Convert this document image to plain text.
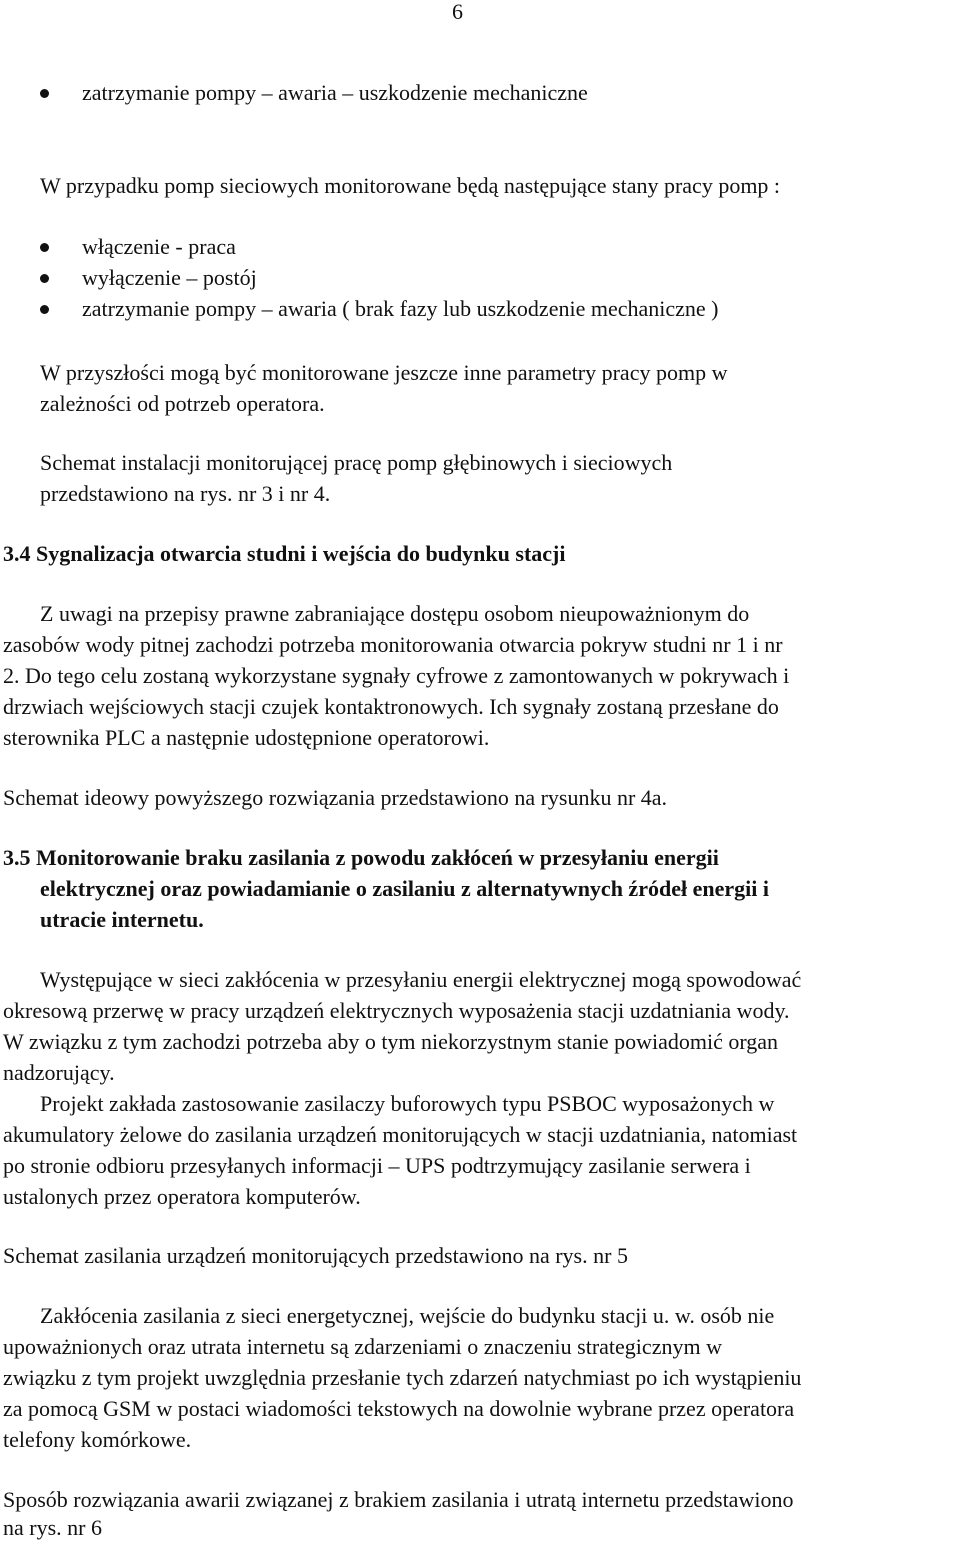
6
zatrzymanie pompy – awaria – uszkodzenie mechaniczne
W przypadku pomp sieciowych monitorowane będą następujące stany pracy pomp :
włączenie - praca
wyłączenie – postój
zatrzymanie pompy – awaria ( brak fazy lub uszkodzenie mechaniczne )
W przyszłości mogą być monitorowane jeszcze inne parametry pracy pomp w
zależności od potrzeb operatora.
Schemat instalacji monitorującej pracę pomp głębinowych i sieciowych
przedstawiono na rys. nr 3 i nr 4.
3.4 Sygnalizacja otwarcia studni i wejścia do budynku stacji
Z uwagi na przepisy prawne zabraniające dostępu osobom nieupoważnionym do
zasobów wody pitnej zachodzi potrzeba monitorowania otwarcia pokryw studni nr 1 i nr
2. Do tego celu zostaną wykorzystane sygnały cyfrowe z zamontowanych w pokrywach i
drzwiach wejściowych stacji czujek kontaktronowych. Ich sygnały zostaną przesłane do
sterownika PLC a następnie udostępnione operatorowi.
Schemat ideowy powyższego rozwiązania przedstawiono na rysunku nr 4a.
3.5 Monitorowanie braku zasilania z powodu zakłóceń w przesyłaniu energii
elektrycznej oraz powiadamianie o zasilaniu z alternatywnych źródeł energii i
utracie internetu.
Występujące w sieci zakłócenia w przesyłaniu energii elektrycznej mogą spowodować
okresową przerwę w pracy urządzeń elektrycznych wyposażenia stacji uzdatniania wody.
W związku z tym zachodzi potrzeba aby o tym niekorzystnym stanie powiadomić organ
nadzorujący.
Projekt zakłada zastosowanie zasilaczy buforowych typu PSBOC wyposażonych w
akumulatory żelowe do zasilania urządzeń monitorujących w stacji uzdatniania, natomiast
po stronie odbioru przesyłanych informacji – UPS podtrzymujący zasilanie serwera i
ustalonych przez operatora komputerów.
Schemat zasilania urządzeń monitorujących przedstawiono na rys. nr 5
Zakłócenia zasilania z sieci energetycznej, wejście do budynku stacji u. w. osób nie
upoważnionych oraz utrata internetu są zdarzeniami o znaczeniu strategicznym w
związku z tym projekt uwzględnia przesłanie tych zdarzeń natychmiast po ich wystąpieniu
za pomocą GSM w postaci wiadomości tekstowych na dowolnie wybrane przez operatora
telefony komórkowe.
Sposób rozwiązania awarii związanej z brakiem zasilania i utratą internetu przedstawiono
na rys. nr 6
